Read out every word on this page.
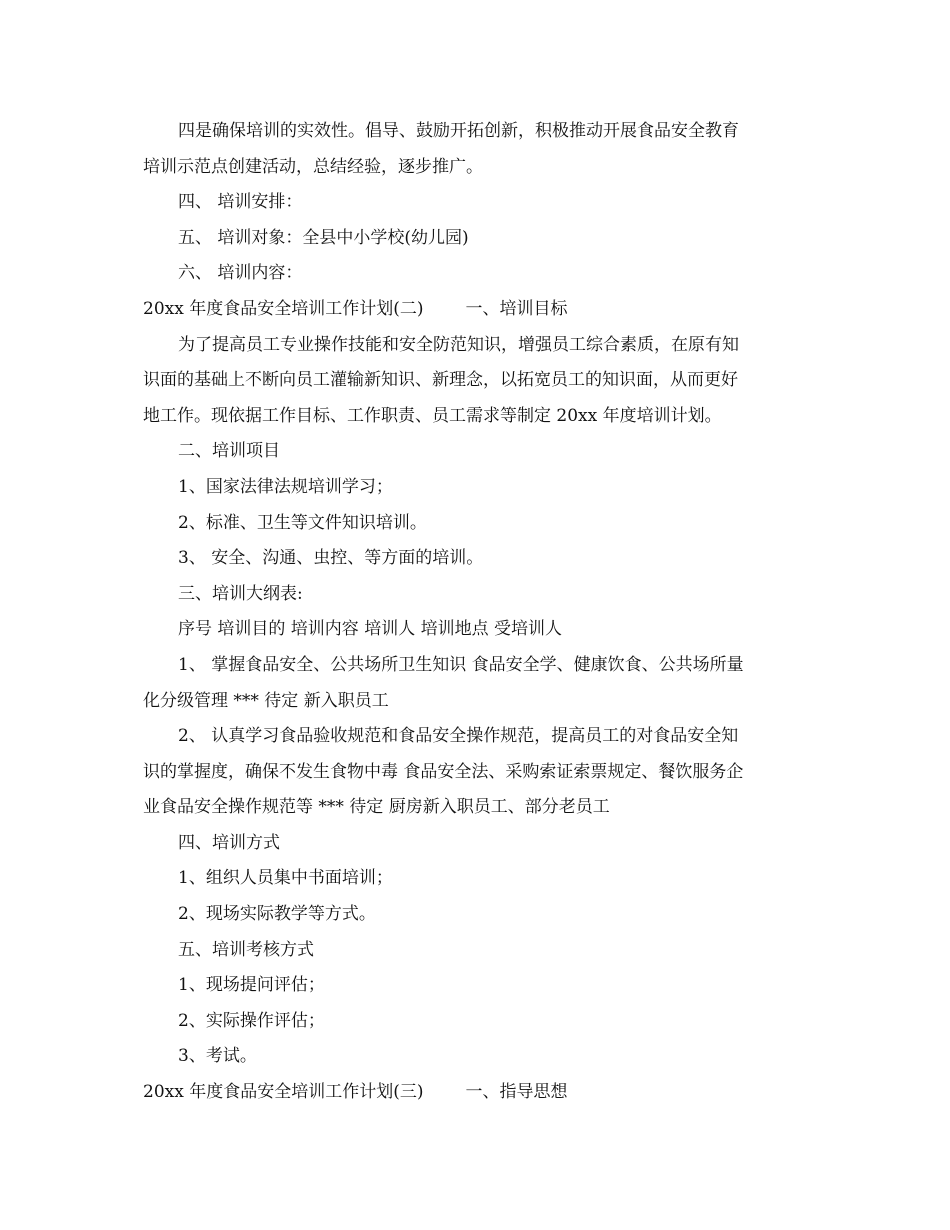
四是确保培训的实效性。倡导、鼓励开拓创新，积极推动开展食品安全教育
培训示范点创建活动，总结经验，逐步推广。
四、 培训安排：
五、 培训对象：全县中小学校(幼儿园)
六、 培训内容：
20xx 年度食品安全培训工作计划(二) 一、培训目标
为了提高员工专业操作技能和安全防范知识，增强员工综合素质，在原有知
识面的基础上不断向员工灌输新知识、新理念，以拓宽员工的知识面，从而更好
地工作。现依据工作目标、工作职责、员工需求等制定 20xx 年度培训计划。
二、培训项目
1、国家法律法规培训学习；
2、标准、卫生等文件知识培训。
3、 安全、沟通、虫控、等方面的培训。
三、培训大纲表:
序号 培训目的 培训内容 培训人 培训地点 受培训人
1、 掌握食品安全、公共场所卫生知识 食品安全学、健康饮食、公共场所量
化分级管理 *** 待定 新入职员工
2、 认真学习食品验收规范和食品安全操作规范，提高员工的对食品安全知
识的掌握度，确保不发生食物中毒 食品安全法、采购索证索票规定、餐饮服务企
业食品安全操作规范等 *** 待定 厨房新入职员工、部分老员工
四、培训方式
1、组织人员集中书面培训；
2、现场实际教学等方式。
五、培训考核方式
1、现场提问评估；
2、实际操作评估；
3、考试。
20xx 年度食品安全培训工作计划(三) 一、指导思想
